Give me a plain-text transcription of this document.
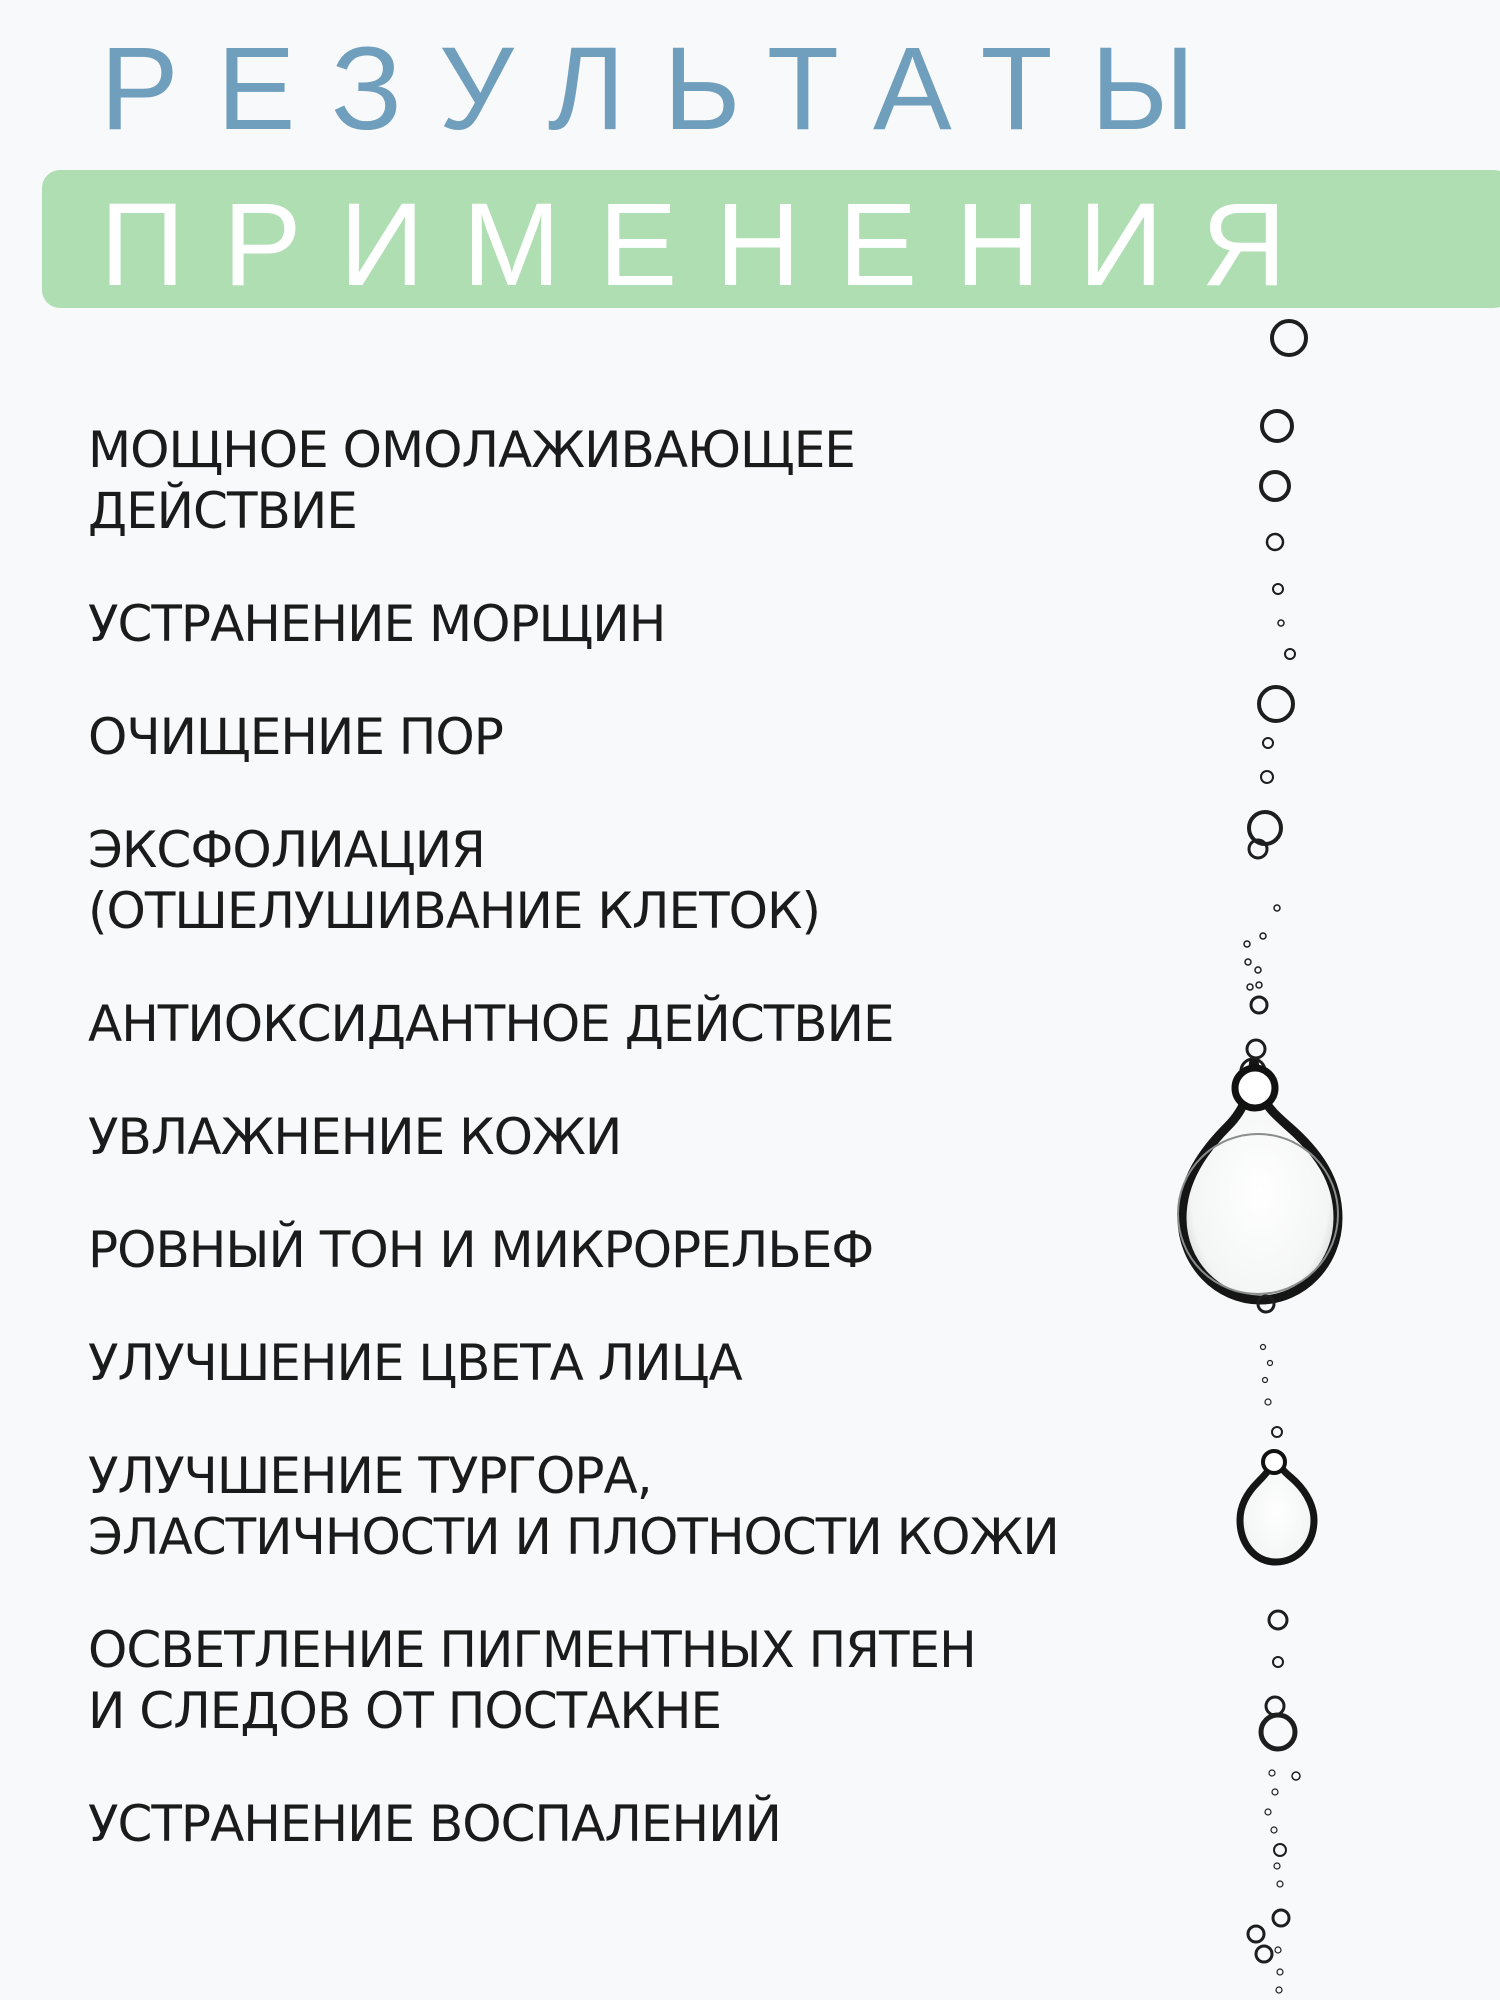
РЕЗУЛЬТАТЫ
ПРИМЕНЕНИЯ
МОЩНОЕ ОМОЛАЖИВАЮЩЕЕ
ДЕЙСТВИЕ
УСТРАНЕНИЕ МОРЩИН
ОЧИЩЕНИЕ ПОР
ЭКСФОЛИАЦИЯ
(ОТШЕЛУШИВАНИЕ КЛЕТОК)
АНТИОКСИДАНТНОЕ ДЕЙСТВИЕ
УВЛАЖНЕНИЕ КОЖИ
РОВНЫЙ ТОН И МИКРОРЕЛЬЕФ
УЛУЧШЕНИЕ ЦВЕТА ЛИЦА
УЛУЧШЕНИЕ ТУРГОРА,
ЭЛАСТИЧНОСТИ И ПЛОТНОСТИ КОЖИ
ОСВЕТЛЕНИЕ ПИГМЕНТНЫХ ПЯТЕН
И СЛЕДОВ ОТ ПОСТАКНЕ
УСТРАНЕНИЕ ВОСПАЛЕНИЙ
